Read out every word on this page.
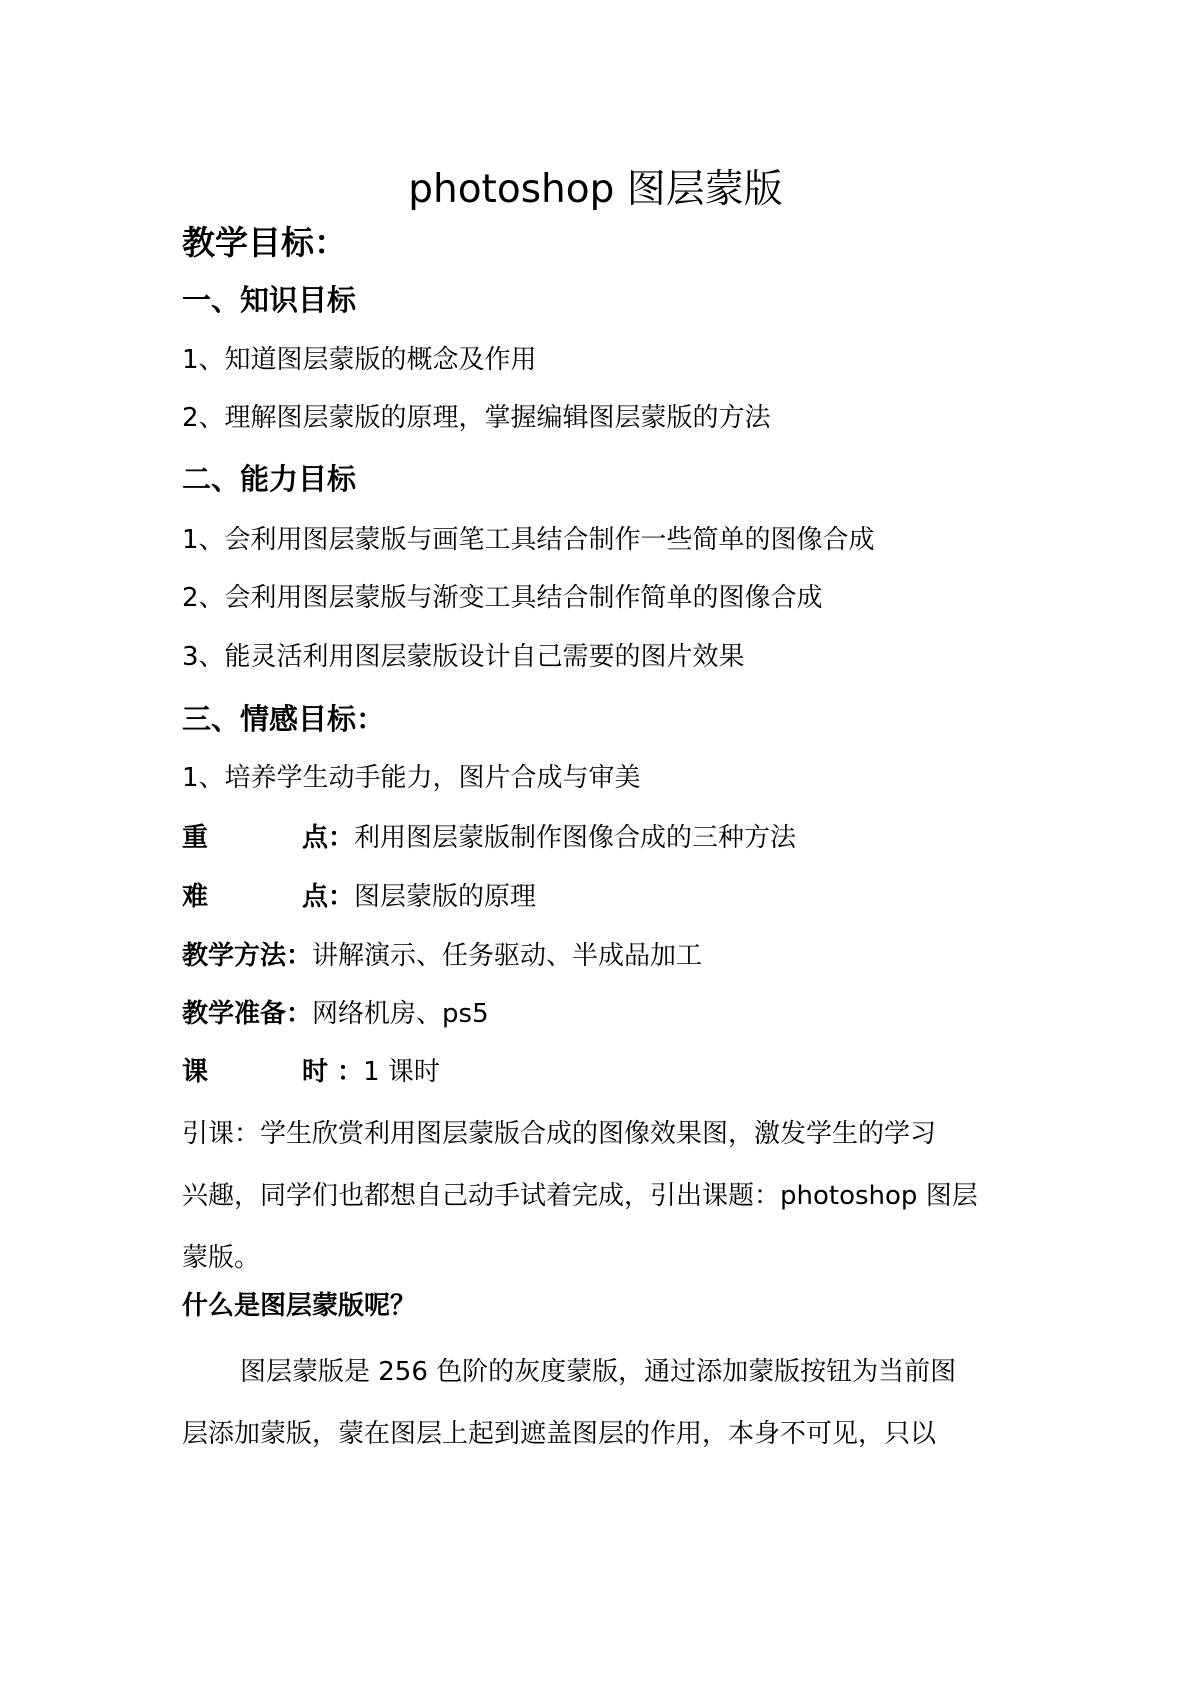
photoshop 图层蒙版
教学目标：
一、知识目标
1、知道图层蒙版的概念及作用
2、理解图层蒙版的原理，掌握编辑图层蒙版的方法
二、能力目标
1、会利用图层蒙版与画笔工具结合制作一些简单的图像合成
2、会利用图层蒙版与渐变工具结合制作简单的图像合成
3、能灵活利用图层蒙版设计自己需要的图片效果
三、情感目标：
1、培养学生动手能力，图片合成与审美
重	点：利用图层蒙版制作图像合成的三种方法
难	点：图层蒙版的原理
教学方法：讲解演示、任务驱动、半成品加工
教学准备：网络机房、ps5
课	时 ：1 课时
引课：学生欣赏利用图层蒙版合成的图像效果图，激发学生的学习
兴趣，同学们也都想自己动手试着完成，引出课题：photoshop 图层
蒙版。
什么是图层蒙版呢？
图层蒙版是 256 色阶的灰度蒙版，通过添加蒙版按钮为当前图
层添加蒙版，蒙在图层上起到遮盖图层的作用，本身不可见，只以
